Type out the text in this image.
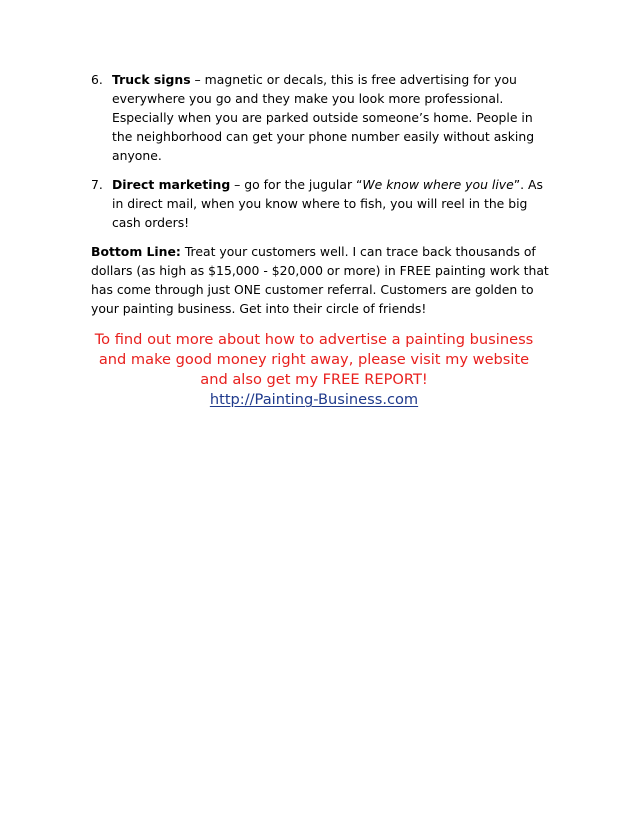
6. Truck signs – magnetic or decals, this is free advertising for you everywhere you go and they make you look more professional. Especially when you are parked outside someone’s home. People in the neighborhood can get your phone number easily without asking anyone.

7. Direct marketing – go for the jugular “We know where you live”. As in direct mail, when you know where to fish, you will reel in the big cash orders!

Bottom Line: Treat your customers well. I can trace back thousands of dollars (as high as $15,000 - $20,000 or more) in FREE painting work that has come through just ONE customer referral. Customers are golden to your painting business. Get into their circle of friends!

To find out more about how to advertise a painting business and make good money right away, please visit my website and also get my FREE REPORT!
http://Painting-Business.com
